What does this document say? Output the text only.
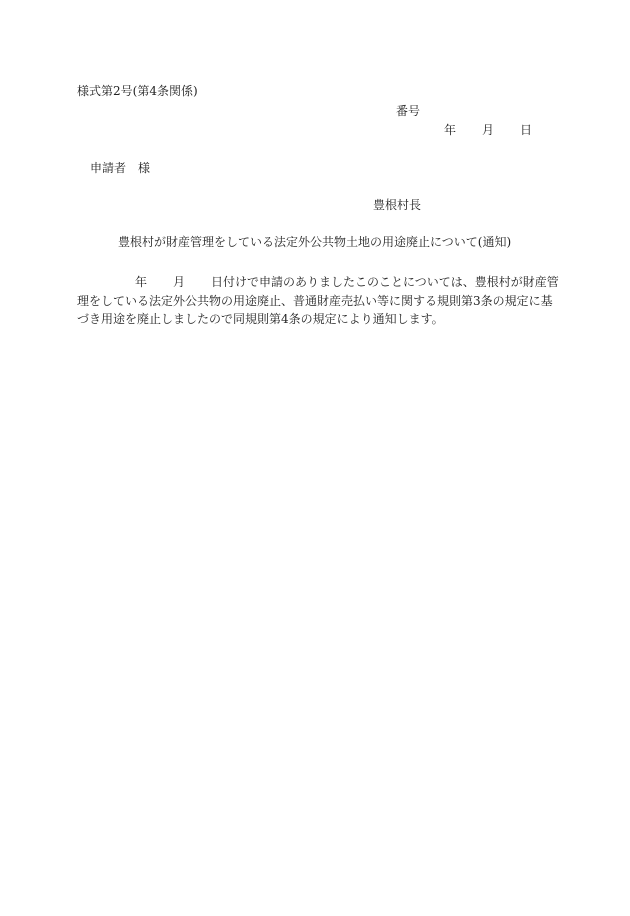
様式第2号(第4条関係)
番号
年 月 日
申請者 様
豊根村長
豊根村が財産管理をしている法定外公共物土地の用途廃止について(通知)
年 月 日付けで申請のありましたこのことについては、豊根村が財産管
理をしている法定外公共物の用途廃止、普通財産売払い等に関する規則第3条の規定に基
づき用途を廃止しましたので同規則第4条の規定により通知します。
